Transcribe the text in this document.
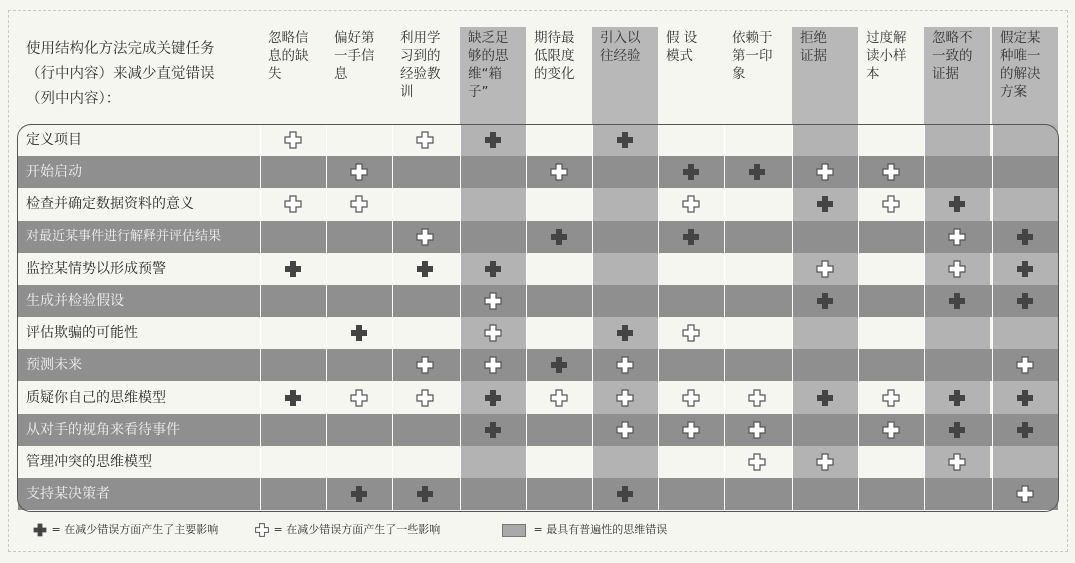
使用结构化方法完成关键任务
（行中内容）来减少直觉错误
（列中内容）：
忽略信
息的缺
失
偏好第
一手信
息
利用学
习到的
经验教
训
缺乏足
够的思
维“箱
子”
期待最
低限度
的变化
引入以
往经验
假 设
模式
依赖于
第一印
象
拒绝
证据
过度解
读小样
本
忽略不
一致的
证据
假定某
种唯一
的解决
方案
定义项目
开始启动
检查并确定数据资料的意义
对最近某事件进行解释并评估结果
监控某情势以形成预警
生成并检验假设
评估欺骗的可能性
预测未来
质疑你自己的思维模型
从对手的视角来看待事件
管理冲突的思维模型
支持某决策者
= 在减少错误方面产生了主要影响	= 在减少错误方面产生了一些影响	= 最具有普遍性的思维错误
